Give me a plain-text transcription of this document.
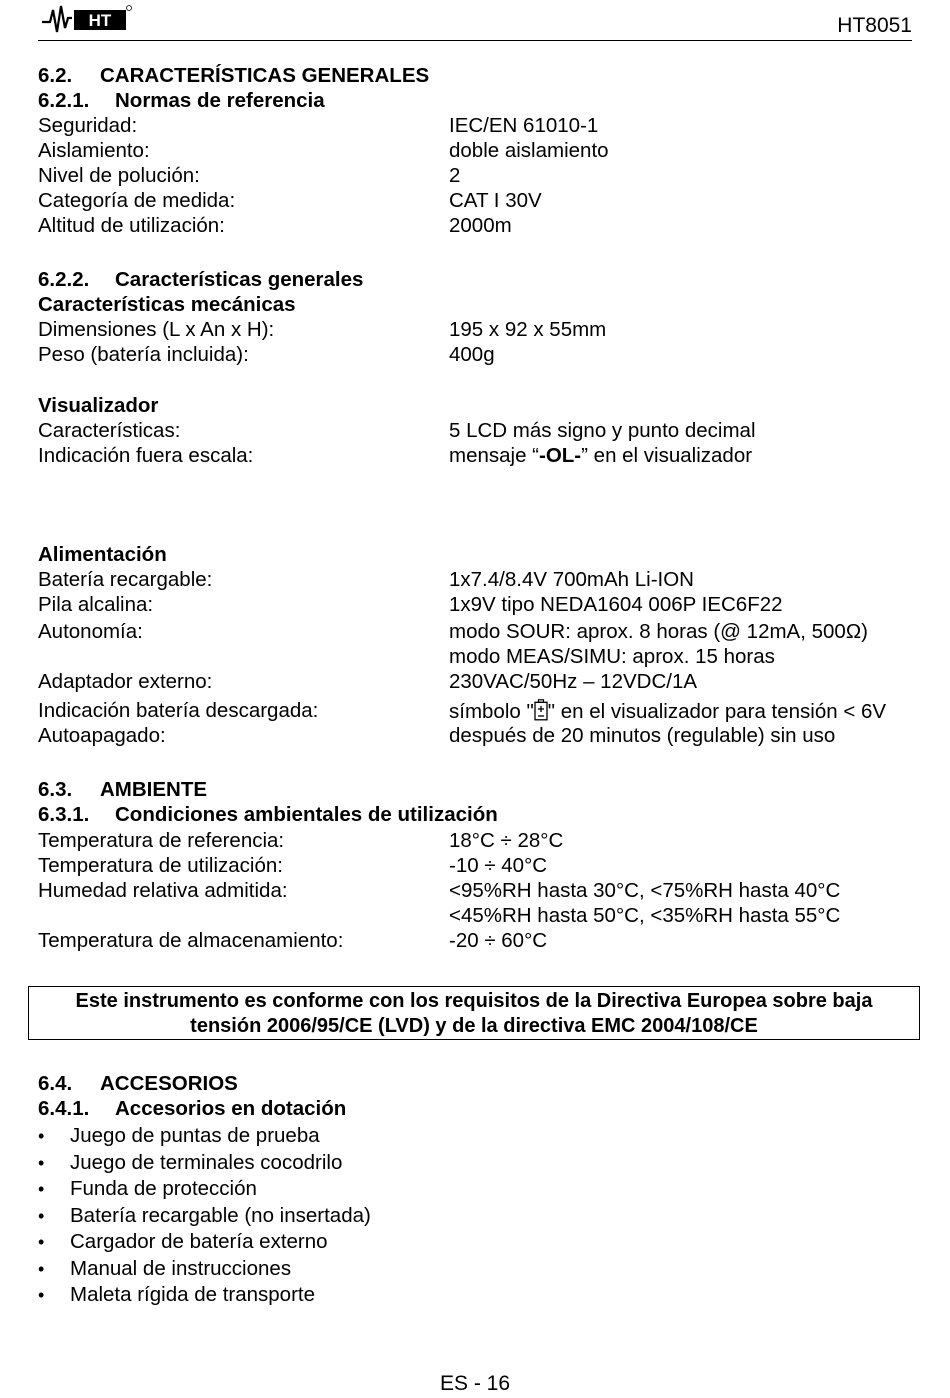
HT	HT8051
6.2. CARACTERÍSTICAS GENERALES
6.2.1. Normas de referencia
Seguridad:	IEC/EN 61010-1
Aislamiento:	doble aislamiento
Nivel de polución:	2
Categoría de medida:	CAT I 30V
Altitud de utilización:	2000m
6.2.2. Características generales
Características mecánicas
Dimensiones (L x An x H):	195 x 92 x 55mm
Peso (batería incluida):	400g
Visualizador
Características:	5 LCD más signo y punto decimal
Indicación fuera escala:	mensaje “-OL-” en el visualizador
Alimentación
Batería recargable:	1x7.4/8.4V 700mAh Li-ION
Pila alcalina:	1x9V tipo NEDA1604 006P IEC6F22
Autonomía:	modo SOUR: aprox. 8 horas (@ 12mA, 500Ω)
modo MEAS/SIMU: aprox. 15 horas
Adaptador externo:	230VAC/50Hz – 12VDC/1A
Indicación batería descargada:	símbolo " " en el visualizador para tensión < 6V
Autoapagado:	después de 20 minutos (regulable) sin uso
6.3. AMBIENTE
6.3.1. Condiciones ambientales de utilización
Temperatura de referencia:	18°C ÷ 28°C
Temperatura de utilización:	-10 ÷ 40°C
Humedad relativa admitida:	<95%RH hasta 30°C, <75%RH hasta 40°C
<45%RH hasta 50°C, <35%RH hasta 55°C
Temperatura de almacenamiento:	-20 ÷ 60°C
Este instrumento es conforme con los requisitos de la Directiva Europea sobre baja
tensión 2006/95/CE (LVD) y de la directiva EMC 2004/108/CE
6.4. ACCESORIOS
6.4.1. Accesorios en dotación
• Juego de puntas de prueba
• Juego de terminales cocodrilo
• Funda de protección
• Batería recargable (no insertada)
• Cargador de batería externo
• Manual de instrucciones
• Maleta rígida de transporte
ES - 16
